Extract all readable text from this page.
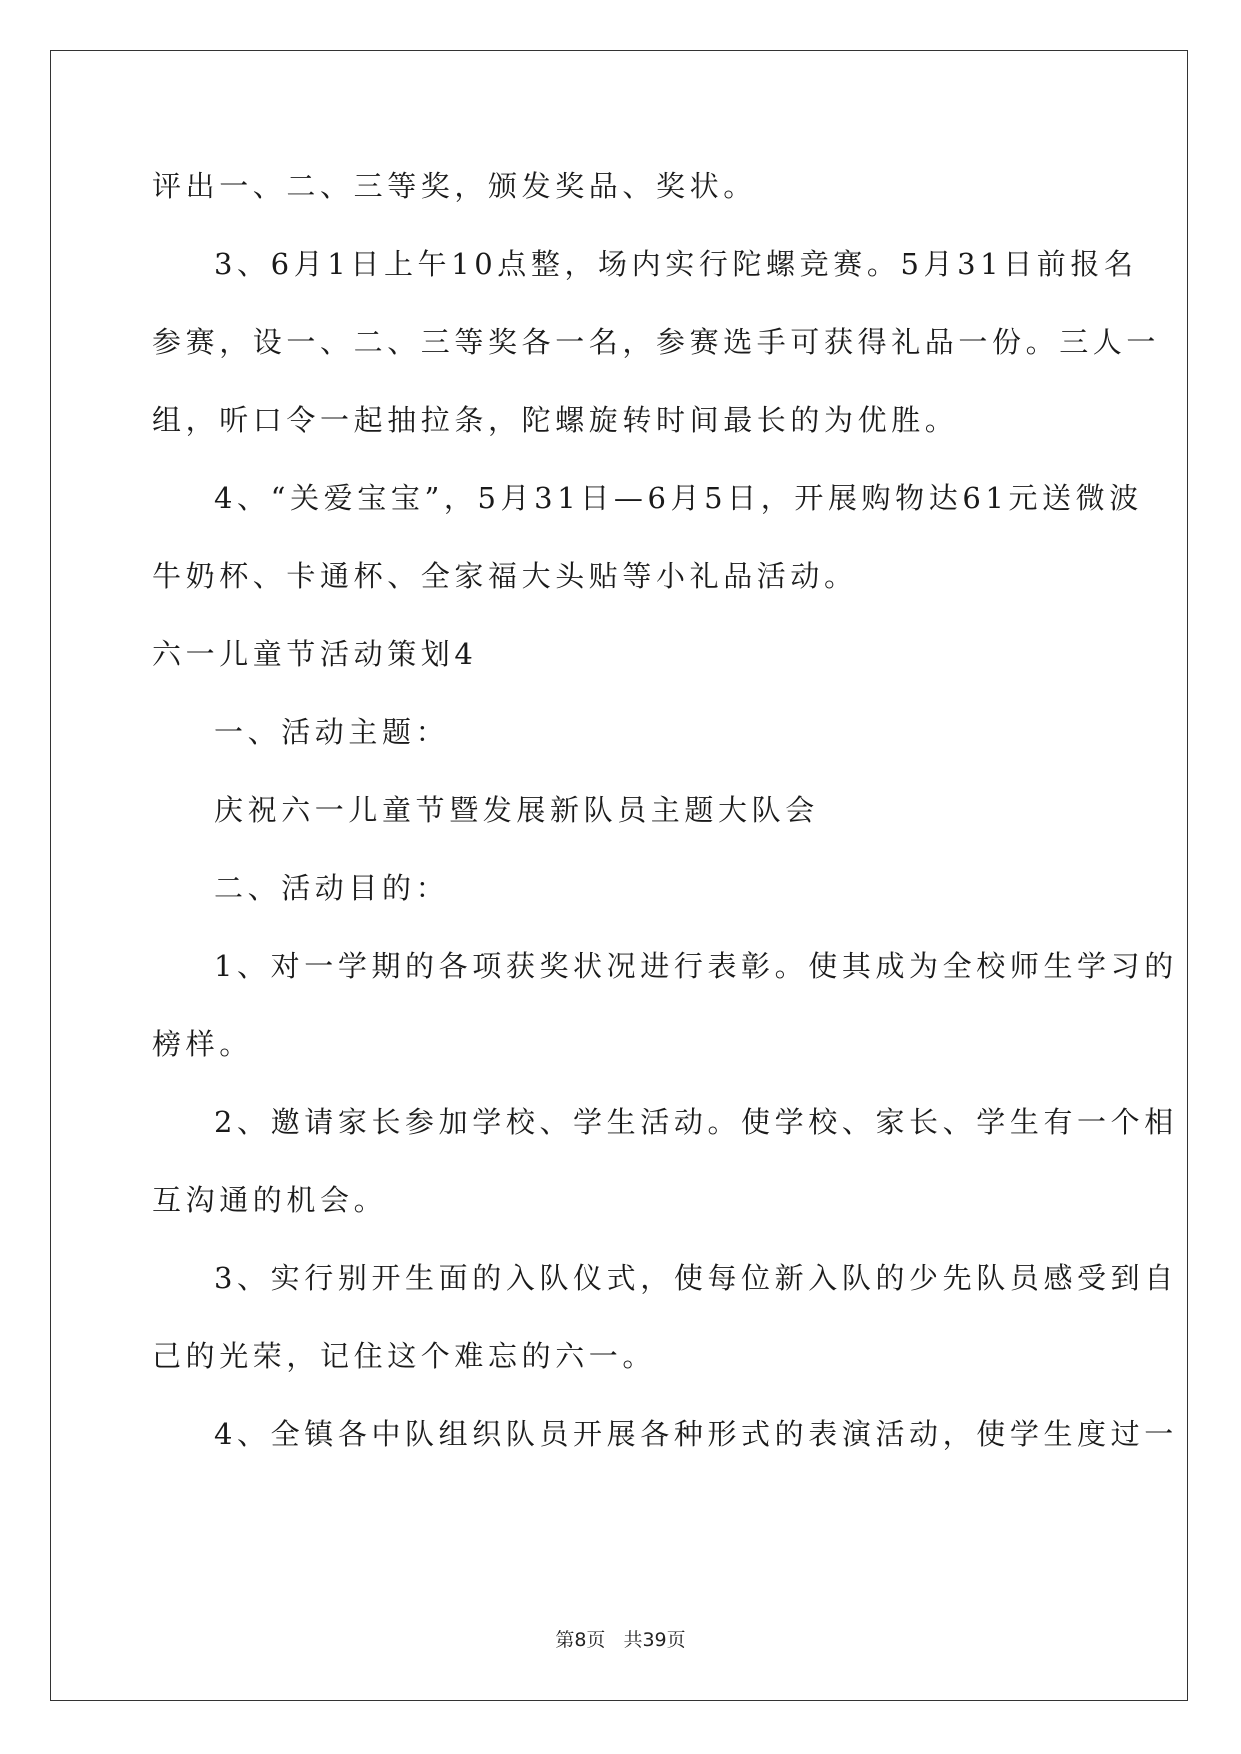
评出一、二、三等奖，颁发奖品、奖状。
3、6月1日上午10点整，场内实行陀螺竞赛。5月31日前报名
参赛，设一、二、三等奖各一名，参赛选手可获得礼品一份。三人一
组，听口令一起抽拉条，陀螺旋转时间最长的为优胜。
4、“关爱宝宝”，5月31日—6月5日，开展购物达61元送微波
牛奶杯、卡通杯、全家福大头贴等小礼品活动。
六一儿童节活动策划4
一、活动主题：
庆祝六一儿童节暨发展新队员主题大队会
二、活动目的：
1、对一学期的各项获奖状况进行表彰。使其成为全校师生学习的
榜样。
2、邀请家长参加学校、学生活动。使学校、家长、学生有一个相
互沟通的机会。
3、实行别开生面的入队仪式，使每位新入队的少先队员感受到自
己的光荣，记住这个难忘的六一。
4、全镇各中队组织队员开展各种形式的表演活动，使学生度过一
第8页 共39页
